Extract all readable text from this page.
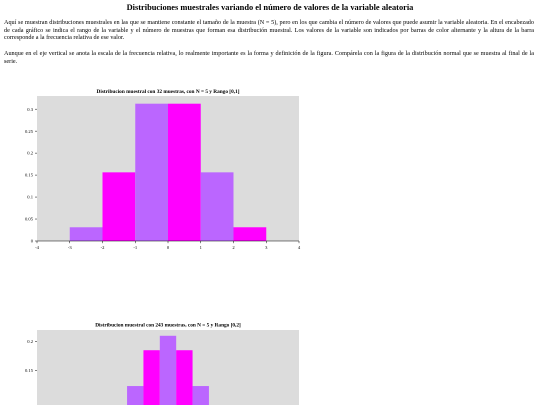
Distribuciones muestrales variando el número de valores de la variable aleatoria

Aquí se muestran distribuciones muestrales en las que se mantiene constante el tamaño de la muestra (N = 5), pero en los que cambia el número de valores que puede asumir la variable aleatoria. En el encabezado de cada gráfico se indica el rango de la variable y el número de muestras que forman esa distribución muestral. Los valores de la variable son indicados por barras de color alternante y la altura de la barra corresponde a la frecuencia relativa de ese valor.

Aunque en el eje vertical se anota la escala de la frecuencia relativa, lo realmente importante es la forma y definición de la figura. Compárela con la figura de la distribución normal que se muestra al final de la serie.

Distribucion muestral con 32 muestras, con N = 5 y Rango [0,1]
0
0.05
0.1
0.15
0.2
0.25
0.3
-4	-3	-2	-1	0	1	2	3	4
Distribucion muestral con 243 muestras, con N = 5 y Rango [0,2]
0.15
0.2
